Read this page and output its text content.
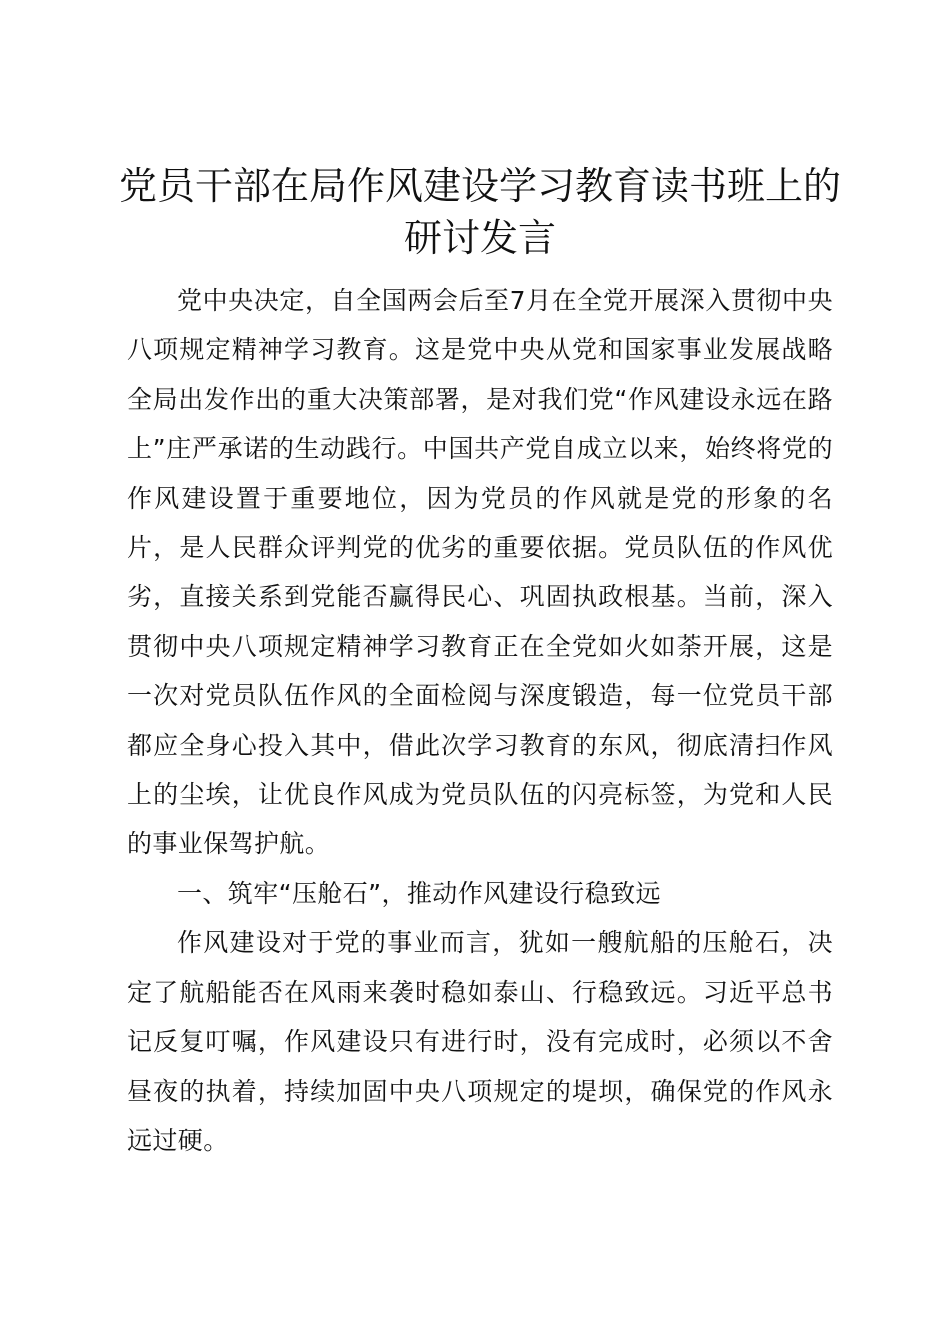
党员干部在局作风建设学习教育读书班上的研讨发言

党中央决定，自全国两会后至7月在全党开展深入贯彻中央八项规定精神学习教育。这是党中央从党和国家事业发展战略全局出发作出的重大决策部署，是对我们党“作风建设永远在路上”庄严承诺的生动践行。中国共产党自成立以来，始终将党的作风建设置于重要地位，因为党员的作风就是党的形象的名片，是人民群众评判党的优劣的重要依据。党员队伍的作风优劣，直接关系到党能否赢得民心、巩固执政根基。当前，深入贯彻中央八项规定精神学习教育正在全党如火如荼开展，这是一次对党员队伍作风的全面检阅与深度锻造，每一位党员干部都应全身心投入其中，借此次学习教育的东风，彻底清扫作风上的尘埃，让优良作风成为党员队伍的闪亮标签，为党和人民的事业保驾护航。

一、筑牢“压舱石”，推动作风建设行稳致远

作风建设对于党的事业而言，犹如一艘航船的压舱石，决定了航船能否在风雨来袭时稳如泰山、行稳致远。习近平总书记反复叮嘱，作风建设只有进行时，没有完成时，必须以不舍昼夜的执着，持续加固中央八项规定的堤坝，确保党的作风永远过硬。
